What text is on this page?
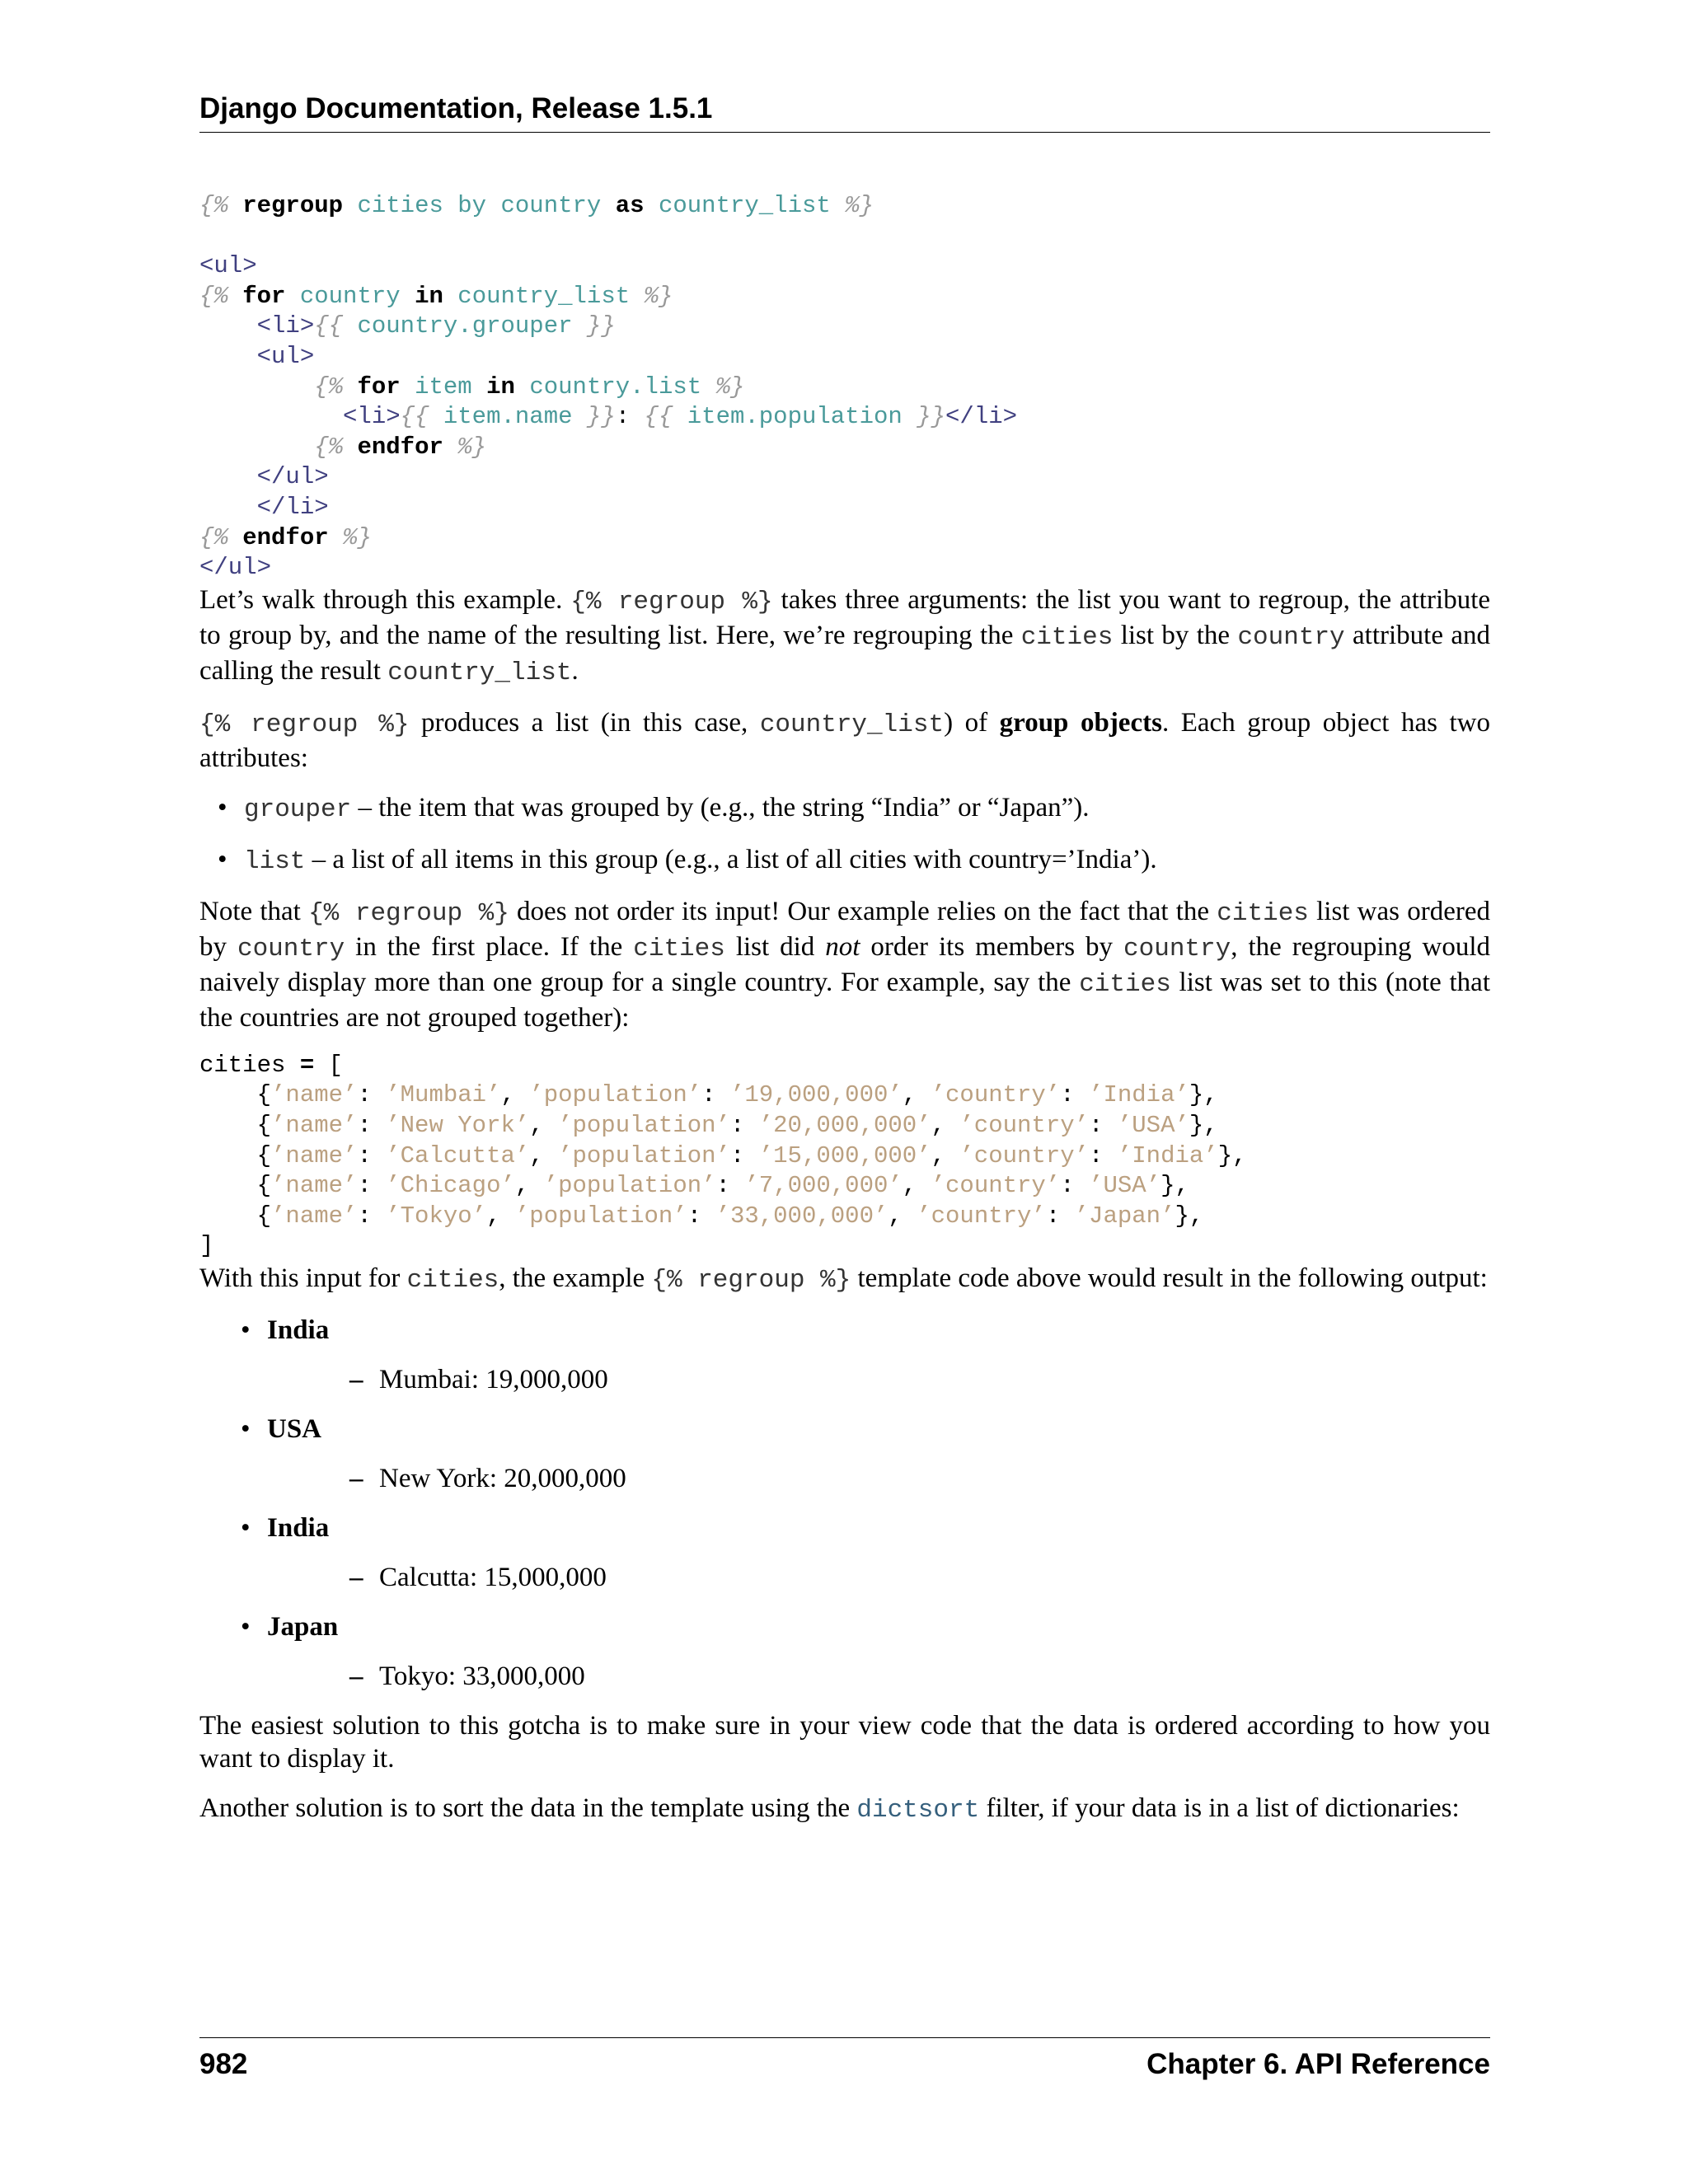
Django Documentation, Release 1.5.1
{% regroup cities by country as country_list %}

<ul>
{% for country in country_list %}
<li>{{ country.grouper }}
<ul>
{% for item in country.list %}
<li>{{ item.name }}: {{ item.population }}</li>
{% endfor %}
</ul>
</li>
{% endfor %}
</ul>

Let’s walk through this example. {% regroup %} takes three arguments: the list you want to regroup, the attribute to group by, and the name of the resulting list. Here, we’re regrouping the cities list by the country attribute and calling the result country_list.

{% regroup %} produces a list (in this case, country_list) of group objects. Each group object has two attributes:

• grouper – the item that was grouped by (e.g., the string “India” or “Japan”).
• list – a list of all items in this group (e.g., a list of all cities with country=’India’).

Note that {% regroup %} does not order its input! Our example relies on the fact that the cities list was ordered by country in the first place. If the cities list did not order its members by country, the regrouping would naively display more than one group for a single country. For example, say the cities list was set to this (note that the countries are not grouped together):

cities = [
{’name’: ’Mumbai’, ’population’: ’19,000,000’, ’country’: ’India’},
{’name’: ’New York’, ’population’: ’20,000,000’, ’country’: ’USA’},
{’name’: ’Calcutta’, ’population’: ’15,000,000’, ’country’: ’India’},
{’name’: ’Chicago’, ’population’: ’7,000,000’, ’country’: ’USA’},
{’name’: ’Tokyo’, ’population’: ’33,000,000’, ’country’: ’Japan’},
]

With this input for cities, the example {% regroup %} template code above would result in the following output:

• India
– Mumbai: 19,000,000
• USA
– New York: 20,000,000
• India
– Calcutta: 15,000,000
• Japan
– Tokyo: 33,000,000

The easiest solution to this gotcha is to make sure in your view code that the data is ordered according to how you want to display it.

Another solution is to sort the data in the template using the dictsort filter, if your data is in a list of dictionaries:

982	Chapter 6. API Reference
